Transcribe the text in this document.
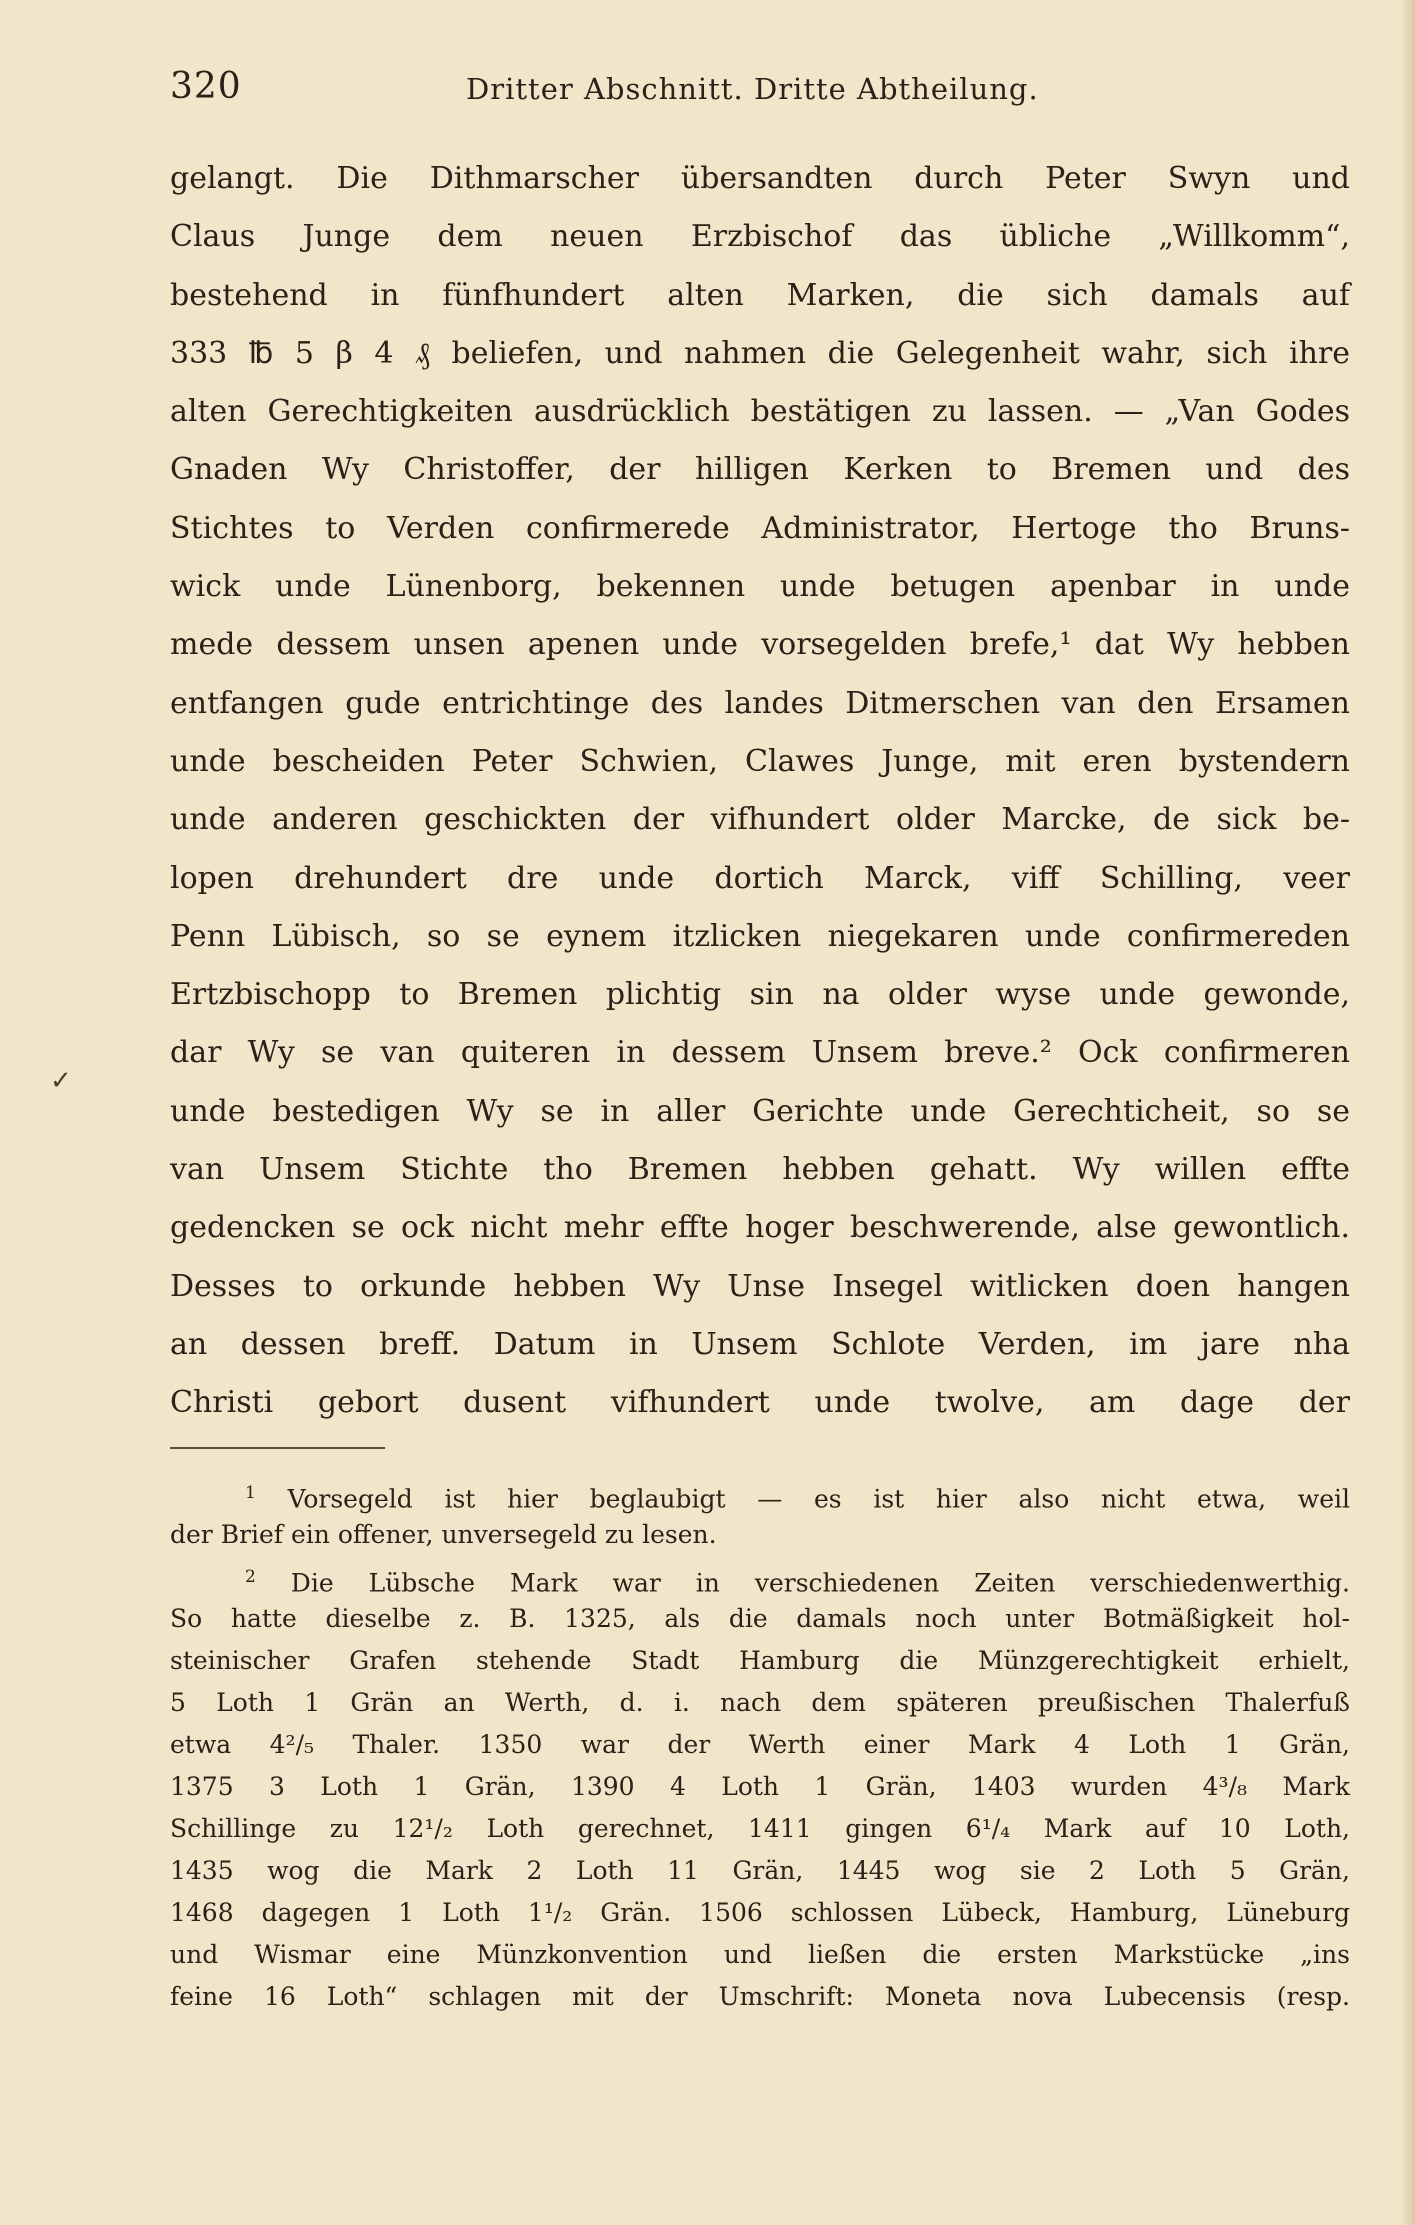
320	Dritter Abschnitt. Dritte Abtheilung.
gelangt. Die Dithmarscher übersandten durch Peter Swyn und
Claus Junge dem neuen Erzbischof das übliche „Willkomm“,
bestehend in fünfhundert alten Marken, die sich damals auf
333 ℔ 5 β 4 ₰ beliefen, und nahmen die Gelegenheit wahr, sich ihre
alten Gerechtigkeiten ausdrücklich bestätigen zu lassen. — „Van Godes
Gnaden Wy Christoffer, der hilligen Kerken to Bremen und des
Stichtes to Verden confirmerede Administrator, Hertoge tho Bruns-
wick unde Lünenborg, bekennen unde betugen apenbar in unde
mede dessem unsen apenen unde vorsegelden brefe,¹ dat Wy hebben
entfangen gude entrichtinge des landes Ditmerschen van den Ersamen
unde bescheiden Peter Schwien, Clawes Junge, mit eren bystendern
unde anderen geschickten der vifhundert older Marcke, de sick be-
lopen drehundert dre unde dortich Marck, viff Schilling, veer
Penn Lübisch, so se eynem itzlicken niegekaren unde confirmereden
Ertzbischopp to Bremen plichtig sin na older wyse unde gewonde,
dar Wy se van quiteren in dessem Unsem breve.² Ock confirmeren
unde bestedigen Wy se in aller Gerichte unde Gerechticheit, so se
van Unsem Stichte tho Bremen hebben gehatt. Wy willen effte
gedencken se ock nicht mehr effte hoger beschwerende, alse gewontlich.
Desses to orkunde hebben Wy Unse Insegel witlicken doen hangen
an dessen breff. Datum in Unsem Schlote Verden, im jare nha
Christi gebort dusent vifhundert unde twolve, am dage der
✓
$^1$ Vorsegeld ist hier beglaubigt — es ist hier also nicht etwa, weil
der Brief ein offener, unversegeld zu lesen.
$^2$ Die Lübsche Mark war in verschiedenen Zeiten verschiedenwerthig.
So hatte dieselbe z. B. 1325, als die damals noch unter Botmäßigkeit hol-
steinischer Grafen stehende Stadt Hamburg die Münzgerechtigkeit erhielt,
5 Loth 1 Grän an Werth, d. i. nach dem späteren preußischen Thalerfuß
etwa 4²/₅ Thaler. 1350 war der Werth einer Mark 4 Loth 1 Grän,
1375 3 Loth 1 Grän, 1390 4 Loth 1 Grän, 1403 wurden 4³/₈ Mark
Schillinge zu 12¹/₂ Loth gerechnet, 1411 gingen 6¹/₄ Mark auf 10 Loth,
1435 wog die Mark 2 Loth 11 Grän, 1445 wog sie 2 Loth 5 Grän,
1468 dagegen 1 Loth 1¹/₂ Grän. 1506 schlossen Lübeck, Hamburg, Lüneburg
und Wismar eine Münzkonvention und ließen die ersten Markstücke „ins
feine 16 Loth“ schlagen mit der Umschrift: Moneta nova Lubecensis (resp.
